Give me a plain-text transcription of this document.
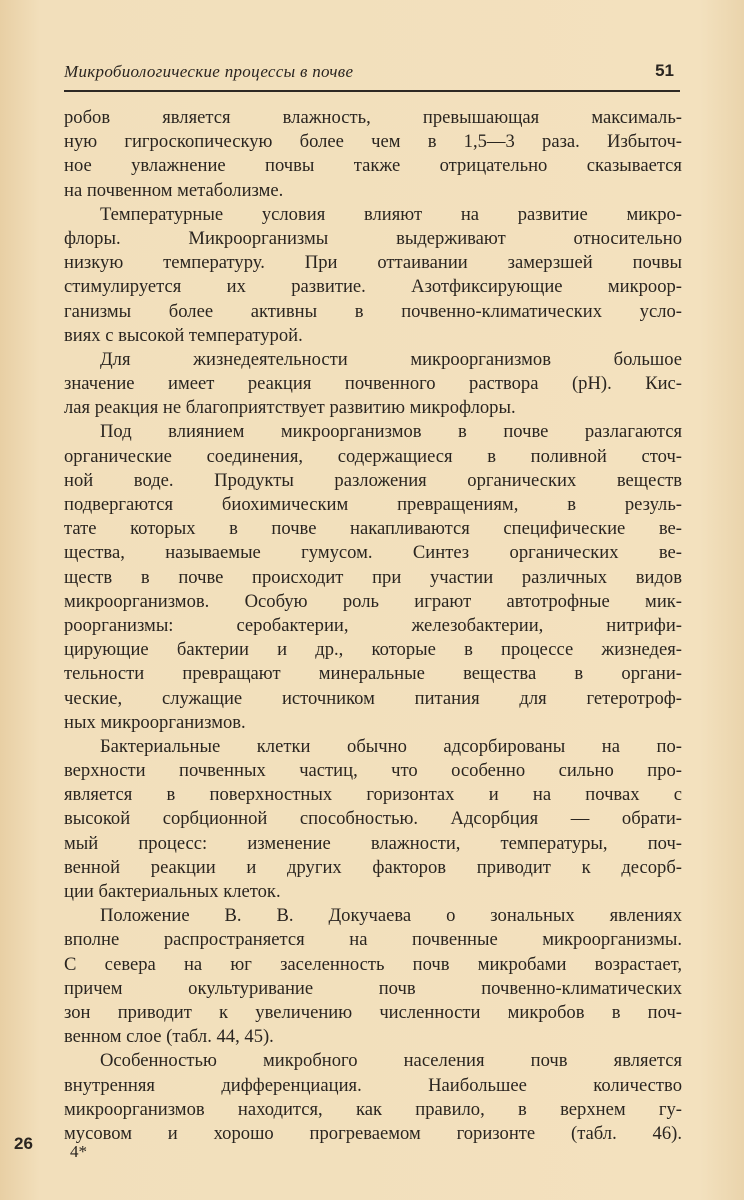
Микробиологические процессы в почве	51
робов является влажность, превышающая максималь-
ную гигроскопическую более чем в 1,5—3 раза. Избыточ-
ное увлажнение почвы также отрицательно сказывается
на почвенном метаболизме.
Температурные условия влияют на развитие микро-
флоры. Микроорганизмы выдерживают относительно
низкую температуру. При оттаивании замерзшей почвы
стимулируется их развитие. Азотфиксирующие микроор-
ганизмы более активны в почвенно-климатических усло-
виях с высокой температурой.
Для жизнедеятельности микроорганизмов большое
значение имеет реакция почвенного раствора (рН). Кис-
лая реакция не благоприятствует развитию микрофлоры.
Под влиянием микроорганизмов в почве разлагаются
органические соединения, содержащиеся в поливной сточ-
ной воде. Продукты разложения органических веществ
подвергаются биохимическим превращениям, в резуль-
тате которых в почве накапливаются специфические ве-
щества, называемые гумусом. Синтез органических ве-
ществ в почве происходит при участии различных видов
микроорганизмов. Особую роль играют автотрофные мик-
роорганизмы: серобактерии, железобактерии, нитрифи-
цирующие бактерии и др., которые в процессе жизнедея-
тельности превращают минеральные вещества в органи-
ческие, служащие источником питания для гетеротроф-
ных микроорганизмов.
Бактериальные клетки обычно адсорбированы на по-
верхности почвенных частиц, что особенно сильно про-
является в поверхностных горизонтах и на почвах с
высокой сорбционной способностью. Адсорбция — обрати-
мый процесс: изменение влажности, температуры, поч-
венной реакции и других факторов приводит к десорб-
ции бактериальных клеток.
Положение В. В. Докучаева о зональных явлениях
вполне распространяется на почвенные микроорганизмы.
С севера на юг заселенность почв микробами возрастает,
причем окультуривание почв почвенно-климатических
зон приводит к увеличению численности микробов в поч-
венном слое (табл. 44, 45).
Особенностью микробного населения почв является
внутренняя дифференциация. Наибольшее количество
микроорганизмов находится, как правило, в верхнем гу-
мусовом и хорошо прогреваемом горизонте (табл. 46).
26 4*
